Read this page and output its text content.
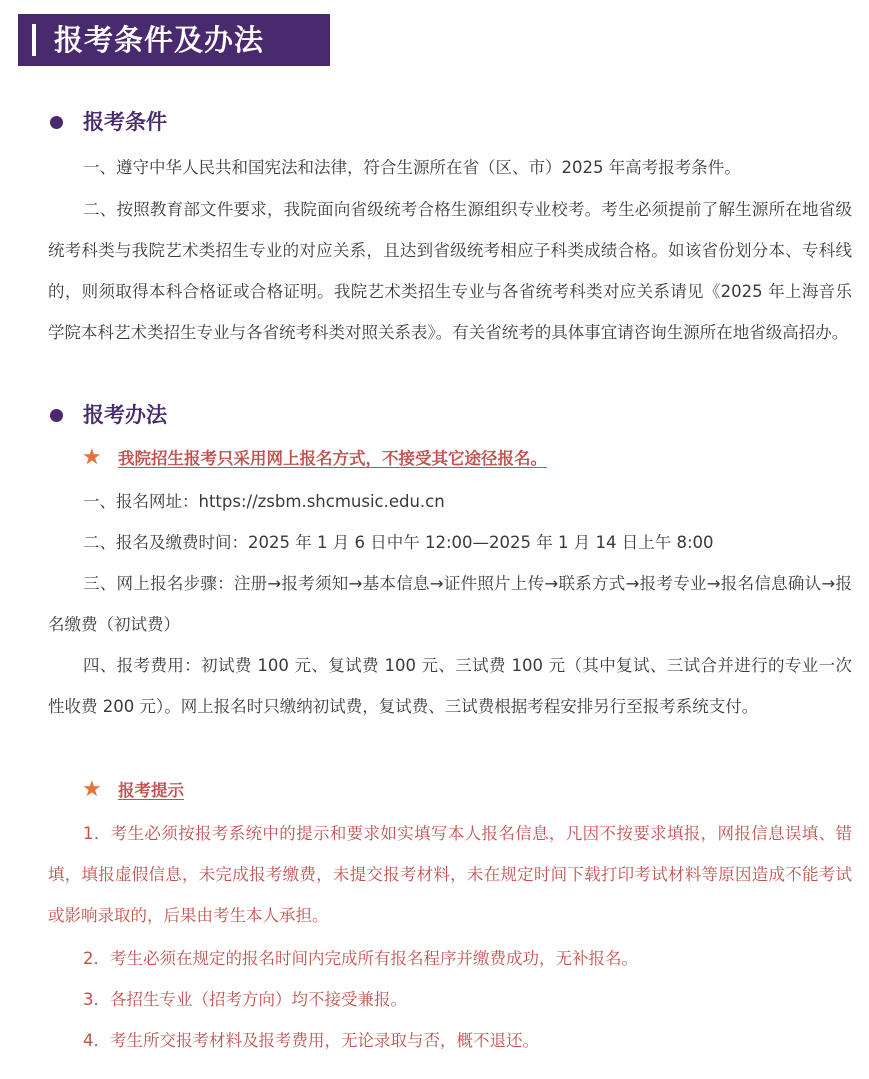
报考条件及办法
报考条件
一、遵守中华人民共和国宪法和法律，符合生源所在省（区、市）2025 年高考报考条件。
二、按照教育部文件要求，我院面向省级统考合格生源组织专业校考。考生必须提前了解生源所在地省级统考科类与我院艺术类招生专业的对应关系，且达到省级统考相应子科类成绩合格。如该省份划分本、专科线的，则须取得本科合格证或合格证明。我院艺术类招生专业与各省统考科类对应关系请见《2025 年上海音乐学院本科艺术类招生专业与各省统考科类对照关系表》。有关省统考的具体事宜请咨询生源所在地省级高招办。
报考办法
★ 我院招生报考只采用网上报名方式，不接受其它途径报名。
一、报名网址：https://zsbm.shcmusic.edu.cn
二、报名及缴费时间：2025 年 1 月 6 日中午 12:00—2025 年 1 月 14 日上午 8:00
三、网上报名步骤：注册→报考须知→基本信息→证件照片上传→联系方式→报考专业→报名信息确认→报名缴费（初试费）
四、报考费用：初试费 100 元、复试费 100 元、三试费 100 元（其中复试、三试合并进行的专业一次性收费 200 元）。网上报名时只缴纳初试费，复试费、三试费根据考程安排另行至报考系统支付。
★ 报考提示
1．考生必须按报考系统中的提示和要求如实填写本人报名信息，凡因不按要求填报，网报信息误填、错填，填报虚假信息，未完成报考缴费，未提交报考材料，未在规定时间下载打印考试材料等原因造成不能考试或影响录取的，后果由考生本人承担。
2．考生必须在规定的报名时间内完成所有报名程序并缴费成功，无补报名。
3．各招生专业（招考方向）均不接受兼报。
4．考生所交报考材料及报考费用，无论录取与否，概不退还。
